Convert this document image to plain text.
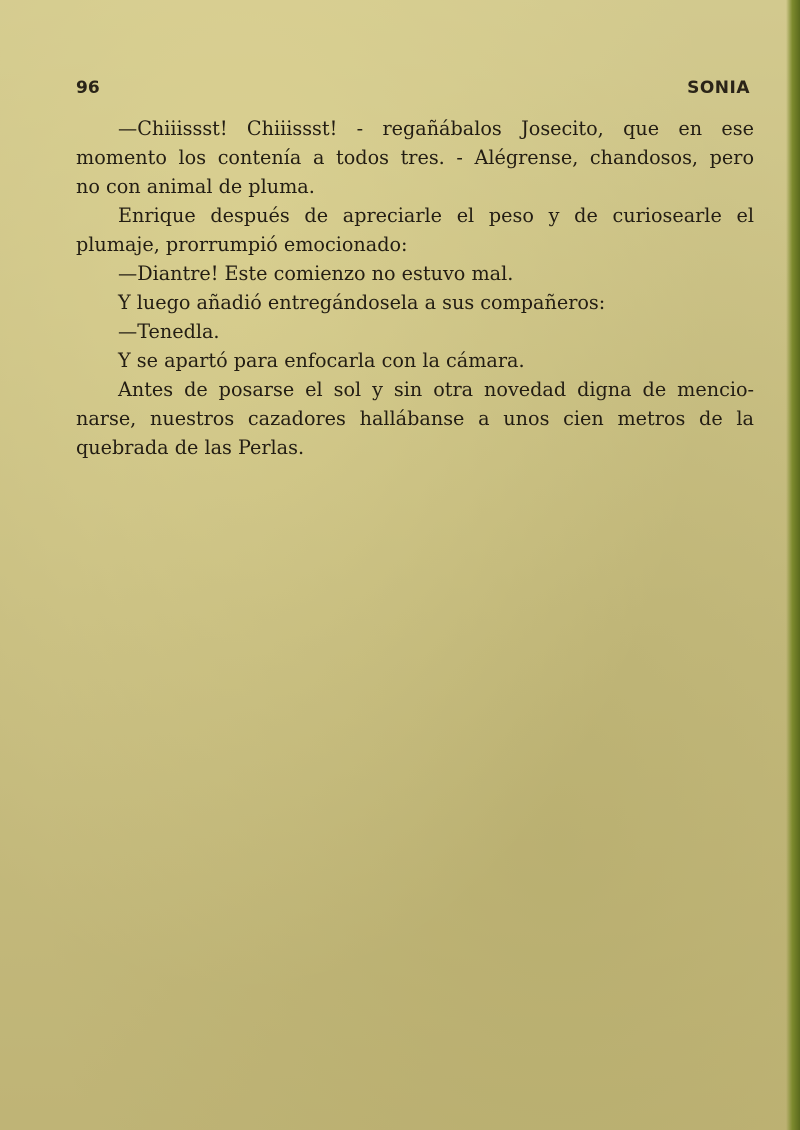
96	SONIA
—Chiiissst! Chiiissst! - regañábalos Josecito, que en ese
momento los contenía a todos tres. - Alégrense, chandosos, pero
no con animal de pluma.
Enrique después de apreciarle el peso y de curiosearle el
plumaje, prorrumpió emocionado:
—Diantre! Este comienzo no estuvo mal.
Y luego añadió entregándosela a sus compañeros:
—Tenedla.
Y se apartó para enfocarla con la cámara.
Antes de posarse el sol y sin otra novedad digna de mencio-
narse, nuestros cazadores hallábanse a unos cien metros de la
quebrada de las Perlas.
